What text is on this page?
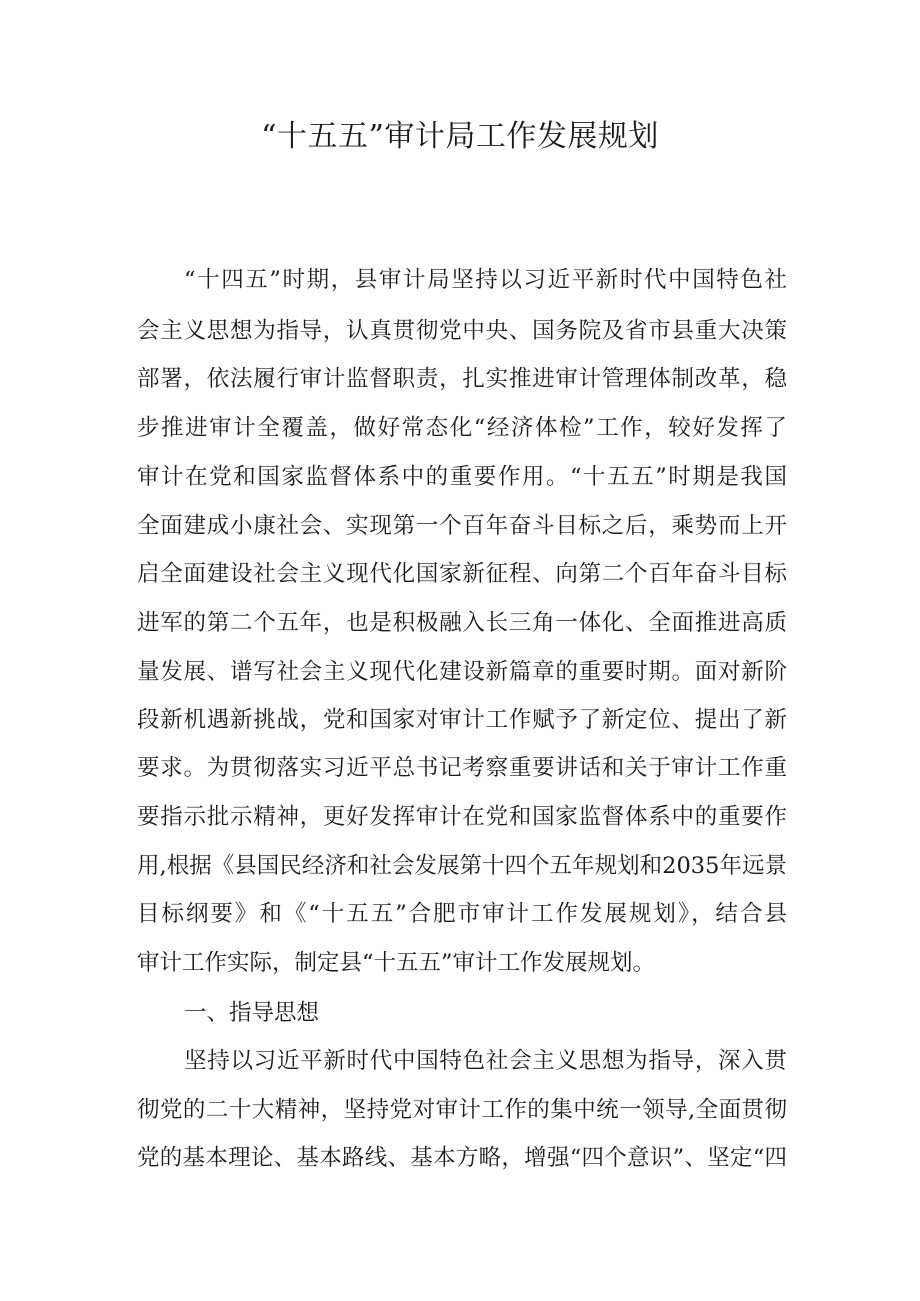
“十五五”审计局工作发展规划

“十四五”时期，县审计局坚持以习近平新时代中国特色社

会主义思想为指导，认真贯彻党中央、国务院及省市县重大决策

部署，依法履行审计监督职责，扎实推进审计管理体制改革，稳

步推进审计全覆盖，做好常态化“经济体检”工作，较好发挥了

审计在党和国家监督体系中的重要作用。“十五五”时期是我国

全面建成小康社会、实现第一个百年奋斗目标之后，乘势而上开

启全面建设社会主义现代化国家新征程、向第二个百年奋斗目标

进军的第二个五年，也是积极融入长三角一体化、全面推进高质

量发展、谱写社会主义现代化建设新篇章的重要时期。面对新阶

段新机遇新挑战，党和国家对审计工作赋予了新定位、提出了新

要求。为贯彻落实习近平总书记考察重要讲话和关于审计工作重

要指示批示精神，更好发挥审计在党和国家监督体系中的重要作

用,根据《县国民经济和社会发展第十四个五年规划和2035年远景

目标纲要》和《“十五五”合肥市审计工作发展规划》，结合县

审计工作实际，制定县“十五五”审计工作发展规划。

一、指导思想

坚持以习近平新时代中国特色社会主义思想为指导，深入贯

彻党的二十大精神，坚持党对审计工作的集中统一领导,全面贯彻

党的基本理论、基本路线、基本方略，增强“四个意识”、坚定“四
